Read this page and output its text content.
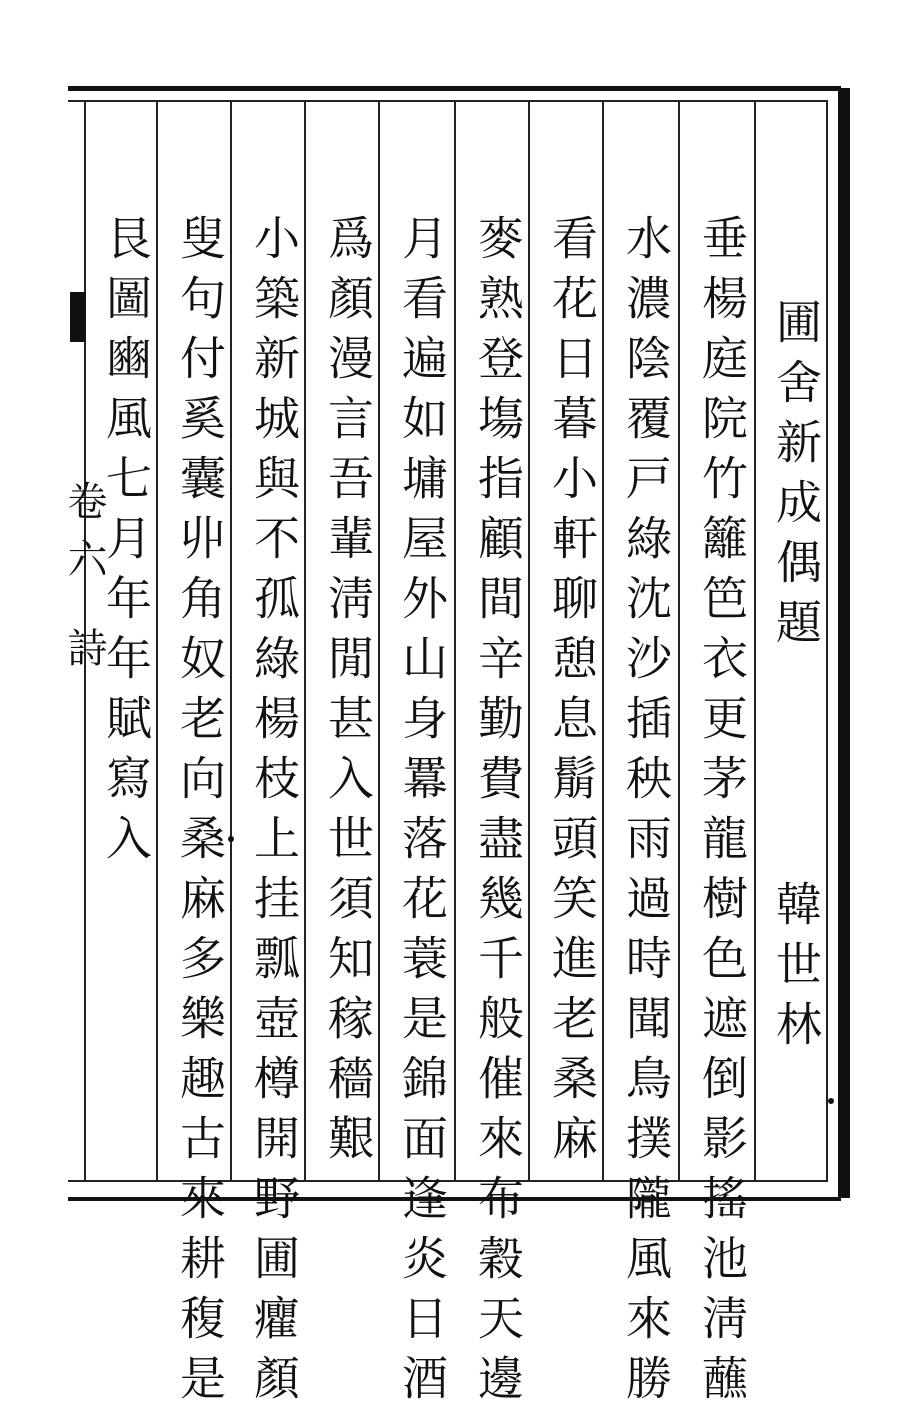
圃舍新成偶題
韓世林
垂楊庭院竹籬笆衣更茅龍樹色遮倒影搖池淸蘸
水濃陰覆戸綠沈沙插秧雨過時聞鳥撲隴風來勝
看花日暮小軒聊憩息鬅頭笑進老桑麻
麥熟登塲指顧間辛勤費盡幾千般催來布穀天邊
月看遍如墉屋外山身羃落花蓑是錦面逢炎日酒
爲顏漫言吾輩淸閒甚入世須知稼穡艱
小築新城與不孤綠楊枝上挂瓢壺樽開野圃癯顏
叟句付奚囊丱角奴老向桑麻多樂趣古來耕稪是
艮圖豳風七月年年賦寫入
卷六 詩
